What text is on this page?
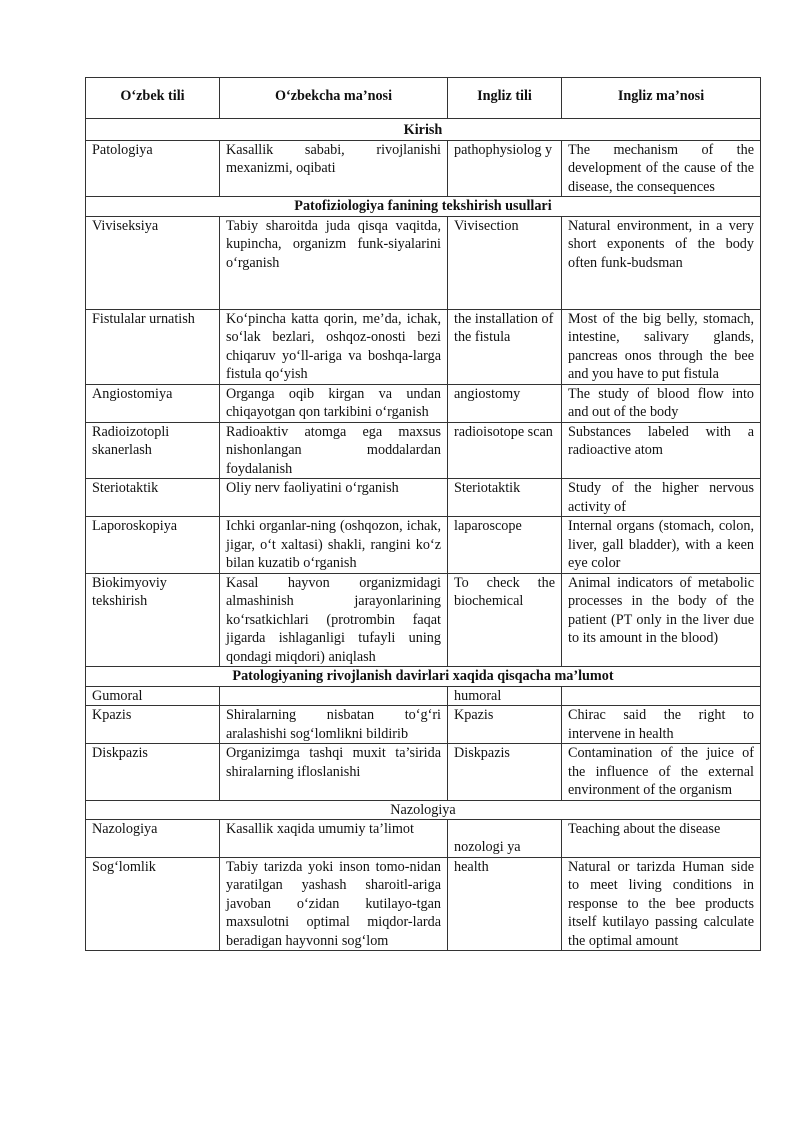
O‘zbek tili	O‘zbekcha ma’nosi	Ingliz tili	Ingliz ma’nosi
Kirish			
Patologiya	Kasallik sababi, rivojlanishi mexanizmi, oqibati	pathophysiolog y	The mechanism of the development of the cause of the disease, the consequences
Patofiziologiya fanining tekshirish usullari			
Viviseksiya	Tabiy sharoitda juda qisqa vaqitda, kupincha, organizm funk-siyalarini o‘rganish	Vivisection	Natural environment, in a very short exponents of the body often funk-budsman
Fistulalar urnatish	Ko‘pincha katta qorin, me’da, ichak, so‘lak bezlari, oshqoz-onosti bezi chiqaruv yo‘ll-ariga va boshqa-larga fistula qo‘yish	the installation of the fistula	Most of the big belly, stomach, intestine, salivary glands, pancreas onos through the bee and you have to put fistula
Angiostomiya	Organga oqib kirgan va undan chiqayotgan qon tarkibini o‘rganish	angiostomy	The study of blood flow into and out of the body
Radioizotopli skanerlash	Radioaktiv atomga ega maxsus nishonlangan moddalardan foydalanish	radioisotope scan	Substances labeled with a radioactive atom
Steriotaktik	Oliy nerv faoliyatini o‘rganish	Steriotaktik	Study of the higher nervous activity of
Laporoskopiya	Ichki organlar-ning (oshqozon, ichak, jigar, o‘t xaltasi) shakli, rangini ko‘z bilan kuzatib o‘rganish	laparoscope	Internal organs (stomach, colon, liver, gall bladder), with a keen eye color
Biokimyoviy tekshirish	Kasal hayvon organizmidagi almashinish jarayonlarining ko‘rsatkichlari (protrombin faqat jigarda ishlaganligi tufayli uning qondagi miqdori) aniqlash	To check the biochemical	Animal indicators of metabolic processes in the body of the patient (PT only in the liver due to its amount in the blood)
Patologiyaning rivojlanish davirlari xaqida qisqacha ma’lumot			
Gumoral		humoral	
Kpazis	Shiralarning nisbatan to‘g‘ri aralashishi sog‘lomlikni bildirib	Kpazis	Chirac said the right to intervene in health
Diskpazis	Organizimga tashqi muxit ta’sirida shiralarning ifloslanishi	Diskpazis	Contamination of the juice of the influence of the external environment of the organism
Nazologiya			
Nazologiya	Kasallik xaqida umumiy ta’limot	nozologi ya	Teaching about the disease
Sog‘lomlik	Tabiy tarizda yoki inson tomo-nidan yaratilgan yashash sharoitl-ariga javoban o‘zidan kutilayo-tgan maxsulotni optimal miqdor-larda beradigan hayvonni sog‘lom	health	Natural or tarizda Human side to meet living conditions in response to the bee products itself kutilayo passing calculate the optimal amount
